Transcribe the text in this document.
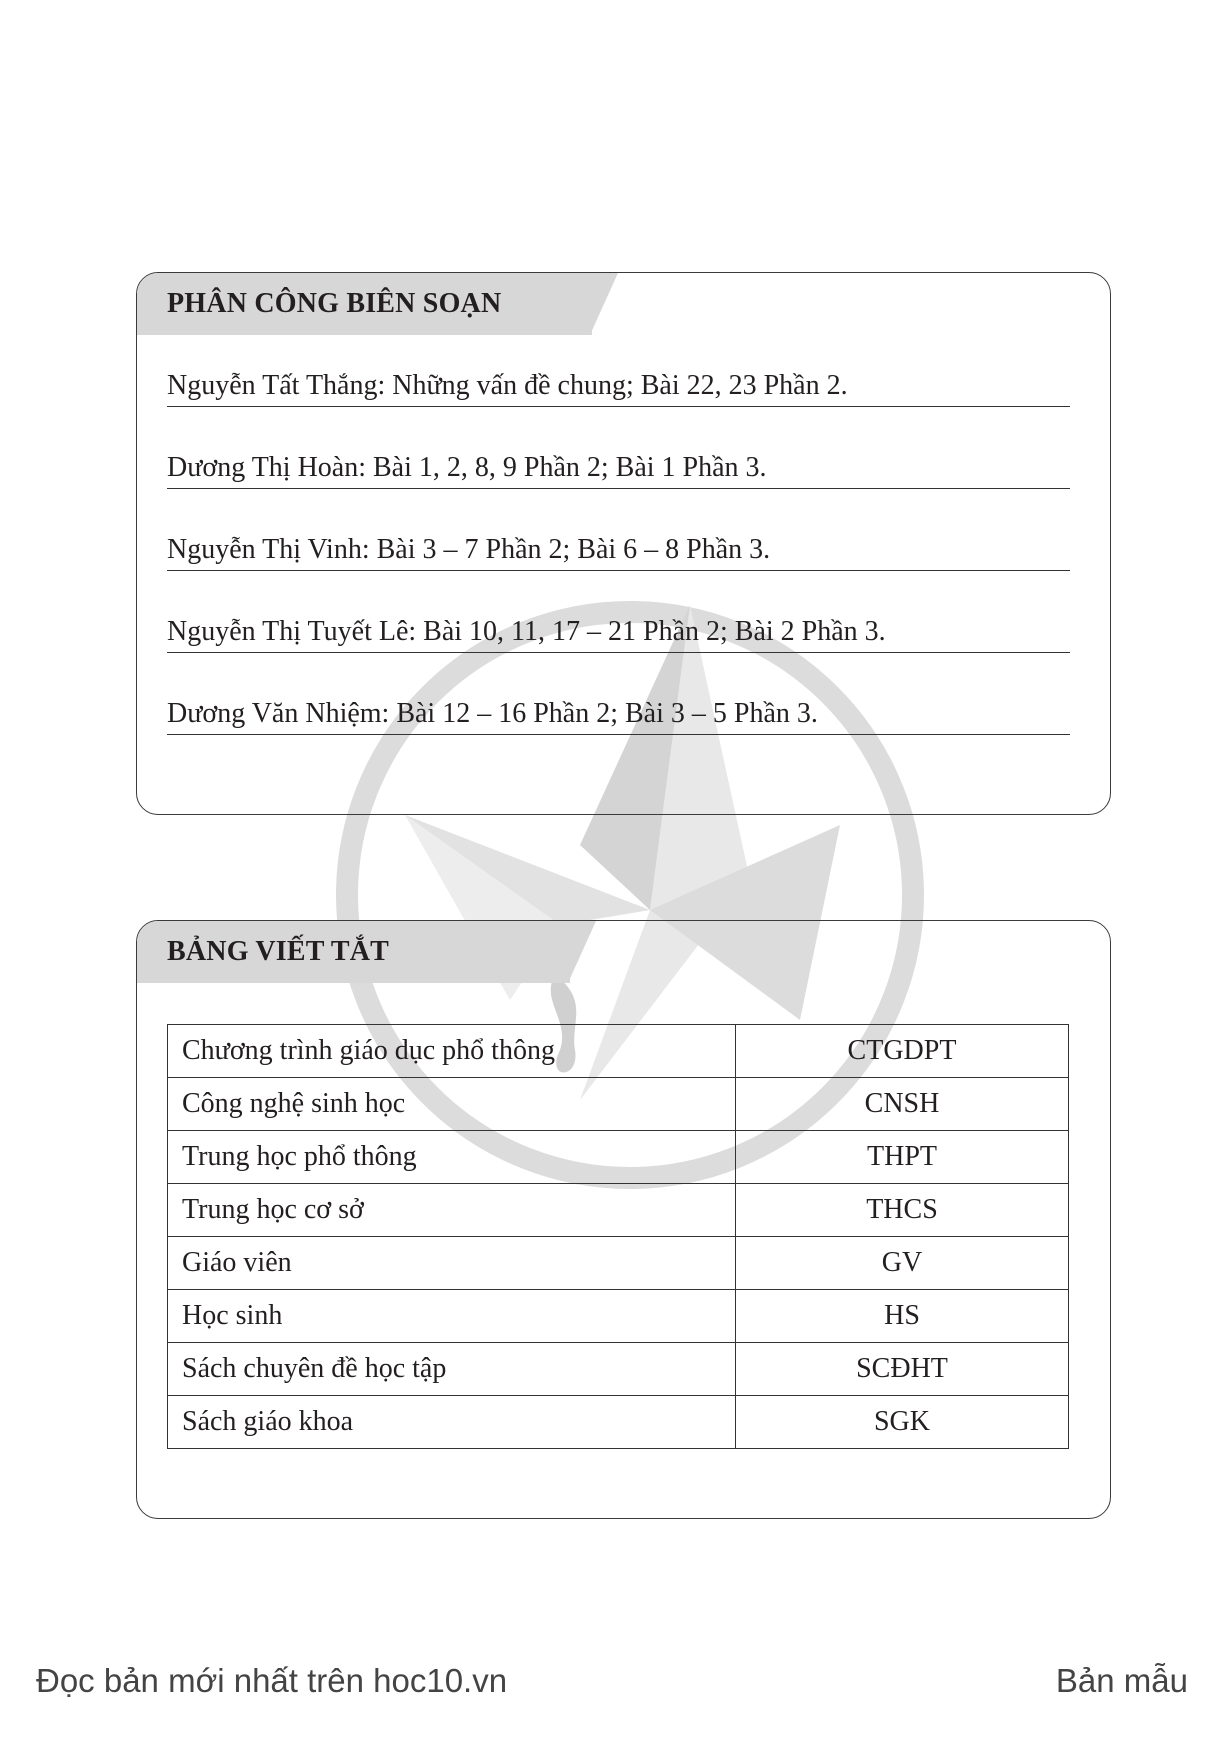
PHÂN CÔNG BIÊN SOẠN
Nguyễn Tất Thắng: Những vấn đề chung; Bài 22, 23 Phần 2.
Dương Thị Hoàn: Bài 1, 2, 8, 9 Phần 2; Bài 1 Phần 3.
Nguyễn Thị Vinh: Bài 3 – 7 Phần 2; Bài 6 – 8 Phần 3.
Nguyễn Thị Tuyết Lê: Bài 10, 11, 17 – 21 Phần 2; Bài 2 Phần 3.
Dương Văn Nhiệm: Bài 12 – 16 Phần 2; Bài 3 – 5 Phần 3.
BẢNG VIẾT TẮT
Chương trình giáo dục phổ thông	CTGDPT
Công nghệ sinh học	CNSH
Trung học phổ thông	THPT
Trung học cơ sở	THCS
Giáo viên	GV
Học sinh	HS
Sách chuyên đề học tập	SCĐHT
Sách giáo khoa	SGK
Đọc bản mới nhất trên hoc10.vn	Bản mẫu
